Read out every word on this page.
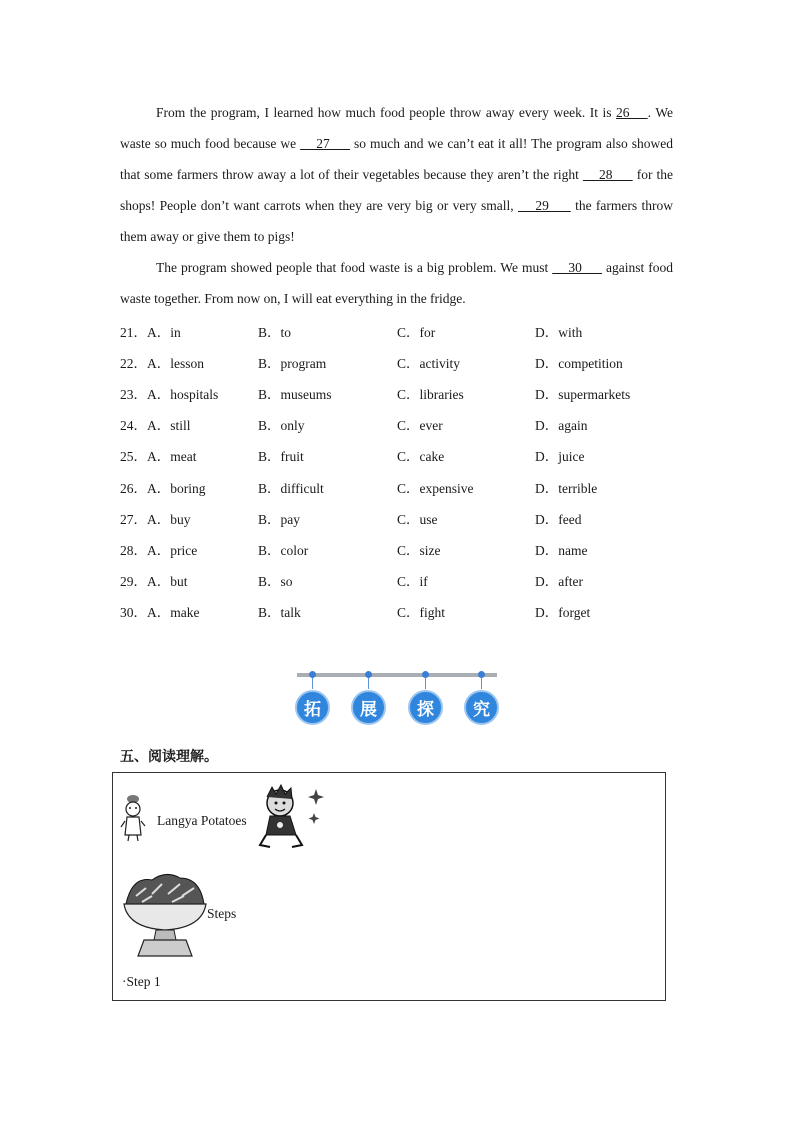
From the program, I learned how much food people throw away every week. It is 26    . We waste so much food because we     27      so much and we can’t eat it all! The program also showed that some farmers throw away a lot of their vegetables because they aren’t the right     28      for the shops! People don’t want carrots when they are very big or very small,     29      the farmers throw them away or give them to pigs!
The program showed people that food waste is a big problem. We must     30      against food waste together. From now on, I will eat everything in the fridge.
21．A．in	B．to	C．for	D．with
22．A．lesson	B．program	C．activity	D．competition
23．A．hospitals	B．museums	C．libraries	D．supermarkets
24．A．still	B．only	C．ever	D．again
25．A．meat	B．fruit	C．cake	D．juice
26．A．boring	B．difficult	C．expensive	D．terrible
27．A．buy	B．pay	C．use	D．feed
28．A．price	B．color	C．size	D．name
29．A．but	B．so	C．if	D．after
30．A．make	B．talk	C．fight	D．forget
拓	展	探	究
五、阅读理解。
Langya Potatoes
Steps
·Step 1
